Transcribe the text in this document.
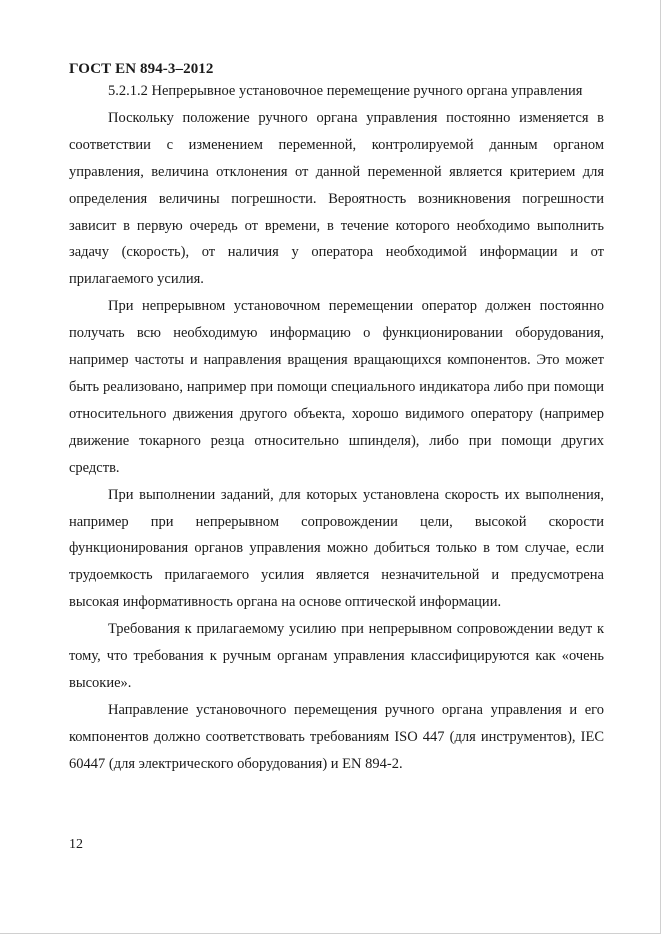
ГОСТ EN 894-3–2012

5.2.1.2 Непрерывное установочное перемещение ручного органа управления

Поскольку положение ручного органа управления постоянно изменяется в соответствии с изменением переменной, контролируемой данным органом управления, величина отклонения от данной переменной является критерием для определения величины погрешности. Вероятность возникновения погрешности зависит в первую очередь от времени, в течение которого необходимо выполнить задачу (скорость), от наличия у оператора необходимой информации и от прилагаемого усилия.

При непрерывном установочном перемещении оператор должен постоянно получать всю необходимую информацию о функционировании оборудования, например частоты и направления вращения вращающихся компонентов. Это может быть реализовано, например при помощи специального индикатора либо при помощи относительного движения другого объекта, хорошо видимого оператору (например движение токарного резца относительно шпинделя), либо при помощи других средств.

При выполнении заданий, для которых установлена скорость их выполнения, например при непрерывном сопровождении цели, высокой скорости функционирования органов управления можно добиться только в том случае, если трудоемкость прилагаемого усилия является незначительной и предусмотрена высокая информативность органа на основе оптической информации.

Требования к прилагаемому усилию при непрерывном сопровождении ведут к тому, что требования к ручным органам управления классифицируются как «очень высокие».

Направление установочного перемещения ручного органа управления и его компонентов должно соответствовать требованиям ISO 447 (для инструментов), IEC 60447 (для электрического оборудования) и EN 894-2.

12
